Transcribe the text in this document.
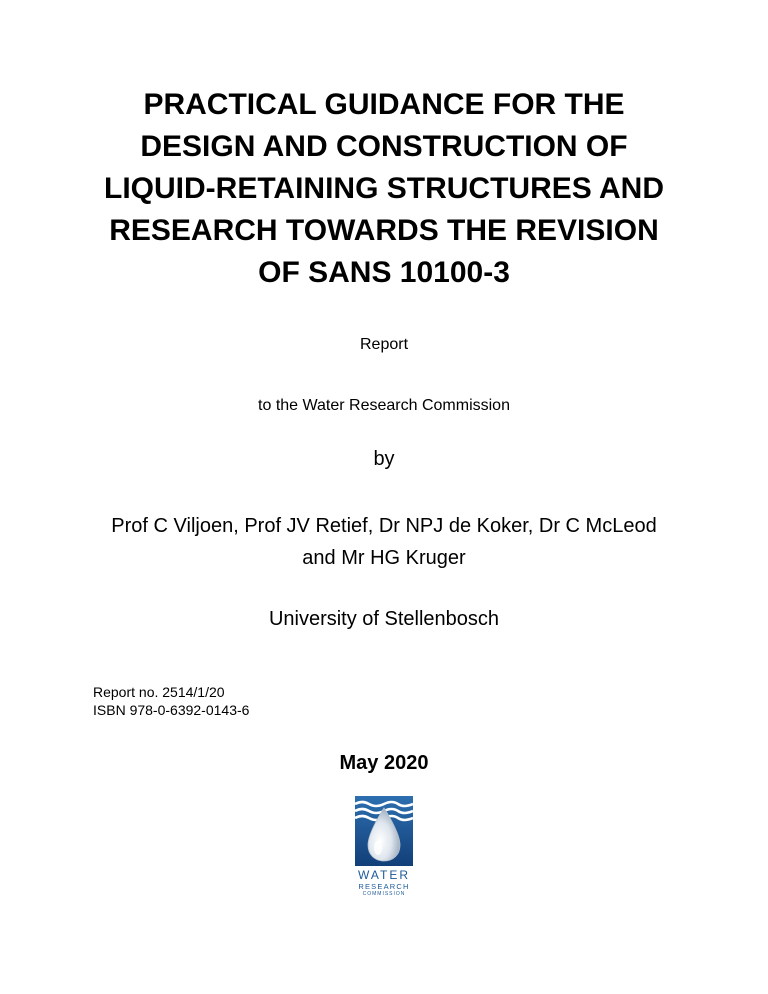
PRACTICAL GUIDANCE FOR THE
DESIGN AND CONSTRUCTION OF
LIQUID-RETAINING STRUCTURES AND
RESEARCH TOWARDS THE REVISION
OF SANS 10100-3
Report
to the Water Research Commission
by
Prof C Viljoen, Prof JV Retief, Dr NPJ de Koker, Dr C McLeod
and Mr HG Kruger
University of Stellenbosch
Report no. 2514/1/20
ISBN 978-0-6392-0143-6
May 2020
WATER
RESEARCH
COMMISSION
